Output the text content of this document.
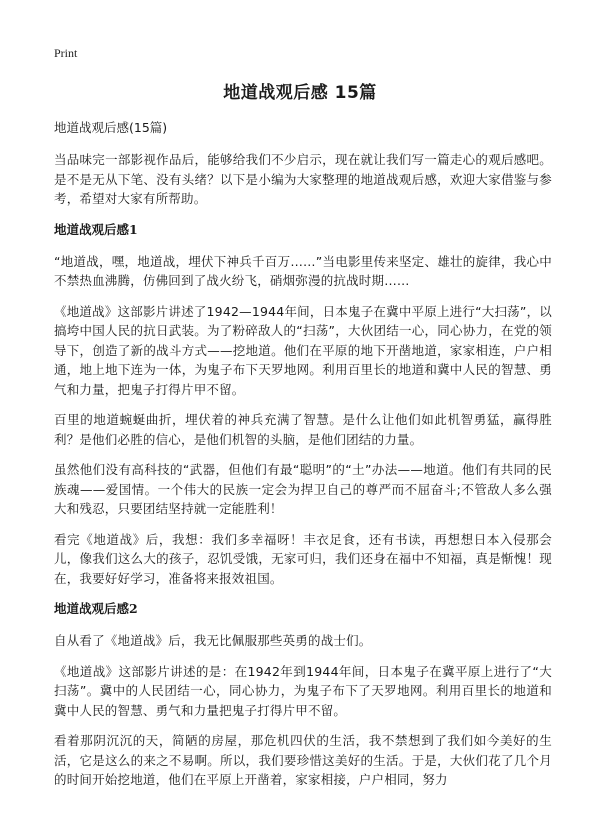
Print
地道战观后感 15篇
地道战观后感(15篇)

当品味完一部影视作品后，能够给我们不少启示，现在就让我们写一篇走心的观后感吧。是不是无从下笔、没有头绪？以下是小编为大家整理的地道战观后感，欢迎大家借鉴与参考，希望对大家有所帮助。

地道战观后感1

“地道战，嘿，地道战，埋伏下神兵千百万……”当电影里传来坚定、雄壮的旋律，我心中不禁热血沸腾，仿佛回到了战火纷飞，硝烟弥漫的抗战时期……

《地道战》这部影片讲述了1942—1944年间，日本鬼子在冀中平原上进行“大扫荡”，以搞垮中国人民的抗日武装。为了粉碎敌人的“扫荡”，大伙团结一心，同心协力，在党的领导下，创造了新的战斗方式——挖地道。他们在平原的地下开凿地道，家家相连，户户相通，地上地下连为一体，为鬼子布下天罗地网。利用百里长的地道和冀中人民的智慧、勇气和力量，把鬼子打得片甲不留。

百里的地道蜿蜒曲折，埋伏着的神兵充满了智慧。是什么让他们如此机智勇猛，赢得胜利？是他们必胜的信心，是他们机智的头脑，是他们团结的力量。

虽然他们没有高科技的“武器，但他们有最“聪明”的“土”办法——地道。他们有共同的民族魂——爱国情。一个伟大的民族一定会为捍卫自己的尊严而不屈奋斗;不管敌人多么强大和残忍，只要团结坚持就一定能胜利！

看完《地道战》后，我想：我们多幸福呀！丰衣足食，还有书读，再想想日本入侵那会儿，像我们这么大的孩子，忍饥受饿，无家可归，我们还身在福中不知福，真是惭愧！现在，我要好好学习，准备将来报效祖国。

地道战观后感2

自从看了《地道战》后，我无比佩服那些英勇的战士们。

《地道战》这部影片讲述的是：在1942年到1944年间，日本鬼子在冀平原上进行了“大扫荡”。冀中的人民团结一心，同心协力，为鬼子布下了天罗地网。利用百里长的地道和冀中人民的智慧、勇气和力量把鬼子打得片甲不留。

看着那阴沉沉的天，简陋的房屋，那危机四伏的生活，我不禁想到了我们如今美好的生活，它是这么的来之不易啊。所以，我们要珍惜这美好的生活。于是，大伙们花了几个月的时间开始挖地道，他们在平原上开凿着，家家相接，户户相同，努力
